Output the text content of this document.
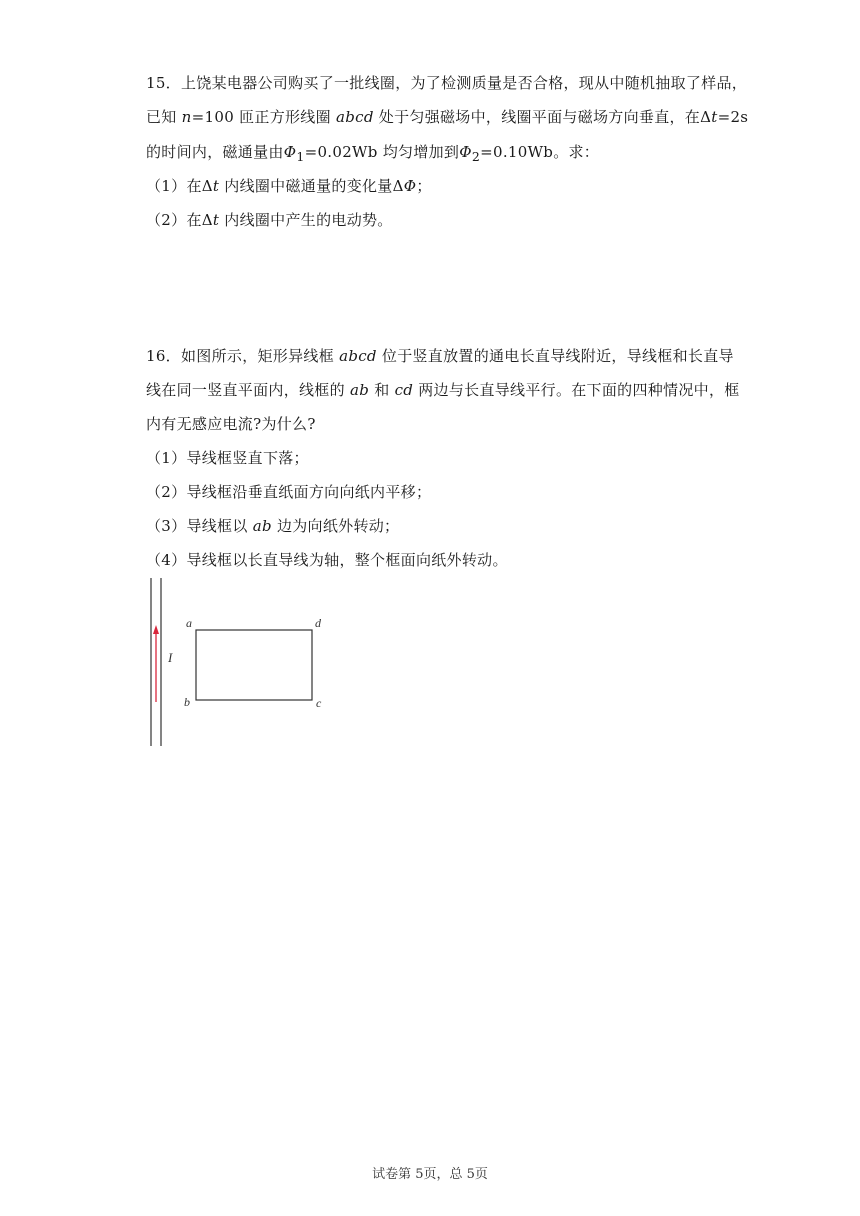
15．上饶某电器公司购买了一批线圈，为了检测质量是否合格，现从中随机抽取了样品，
已知 n=100 匝正方形线圈 abcd 处于匀强磁场中，线圈平面与磁场方向垂直，在Δt=2s
的时间内，磁通量由$\Phi_1=0.02Wb$ 均匀增加到$\Phi_2=0.10Wb$。求：
（1）在Δt 内线圈中磁通量的变化量ΔΦ；
（2）在Δt 内线圈中产生的电动势。
16．如图所示，矩形异线框 abcd 位于竖直放置的通电长直导线附近，导线框和长直导
线在同一竖直平面内，线框的 ab 和 cd 两边与长直导线平行。在下面的四种情况中，框
内有无感应电流?为什么?
（1）导线框竖直下落；
（2）导线框沿垂直纸面方向向纸内平移；
（3）导线框以 ab 边为向纸外转动；
（4）导线框以长直导线为轴，整个框面向纸外转动。
a	d
b	c
I
试卷第 5页，总 5页
